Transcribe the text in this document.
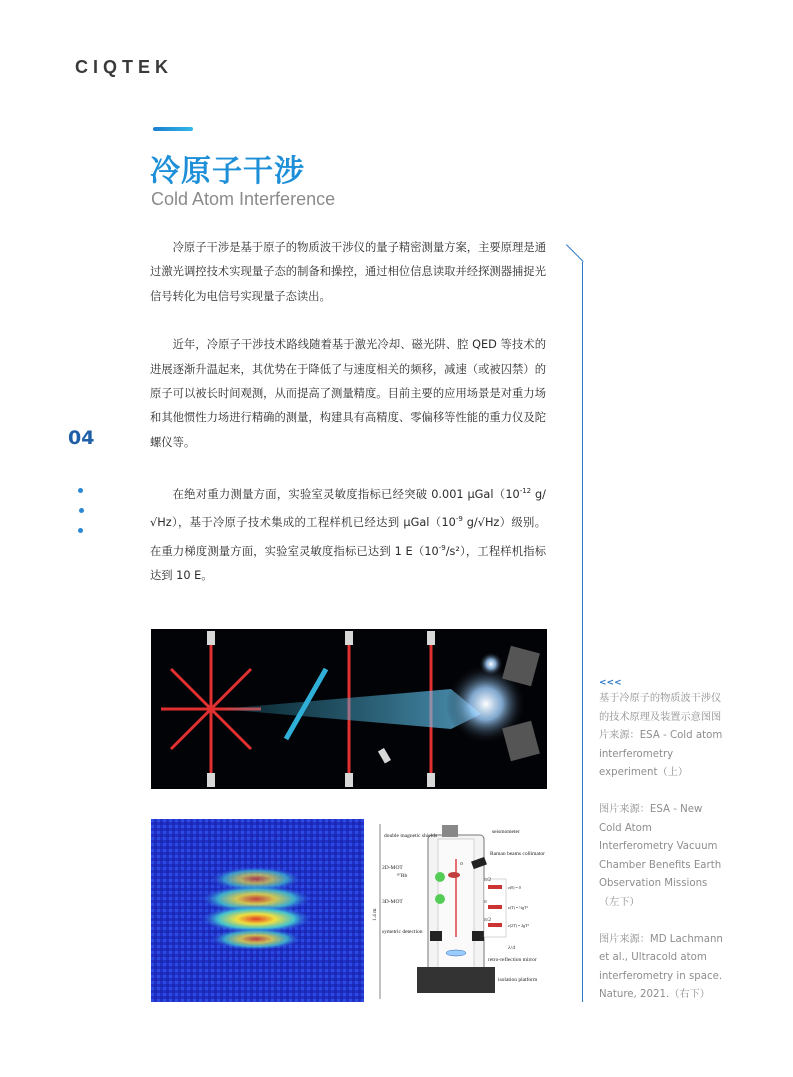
CIQTEK
冷原子干涉
Cold Atom Interference

冷原子干涉是基于原子的物质波干涉仪的量子精密测量方案，主要原理是通过激光调控技术实现量子态的制备和操控，通过相位信息读取并经探测器捕捉光信号转化为电信号实现量子态读出。

近年，冷原子干涉技术路线随着基于激光冷却、磁光阱、腔 QED 等技术的进展逐渐升温起来，其优势在于降低了与速度相关的频移，减速（或被囚禁）的原子可以被长时间观测，从而提高了测量精度。目前主要的应用场景是对重力场和其他惯性力场进行精确的测量，构建具有高精度、零偏移等性能的重力仪及陀螺仪等。

在绝对重力测量方面，实验室灵敏度指标已经突破 0.001 $\mu Gal(10^{-12}$ g/√Hz），基于冷原子技术集成的工程样机已经达到 $\mu Gal(10^{-9}$ g/√Hz）级别。在重力梯度测量方面，实验室灵敏度指标已达到 1 $E(10^{-9}/s^2)$，工程样机指标达到 10 E。

04
1.4 m
double magnetic shields
2D-MOT
⁸⁷Rb
3D-MOT
symetric detection
seismometer
Raman beams collimator
λ/4
retro-reflection mirror
isolation platform
σ
π/2
π
π/2
z(0) = 0
z(T) = ½gT²
z(2T) = 2gT²
<<<

基于冷原子的物质波干涉仪的技术原理及装置示意图图片来源：ESA - Cold atom interferometry experiment（上）

图片来源：ESA - New Cold Atom Interferometry Vacuum Chamber Benefits Earth Observation Missions（左下）

图片来源：MD Lachmann et al., Ultracold atom interferometry in space. Nature, 2021.（右下）
